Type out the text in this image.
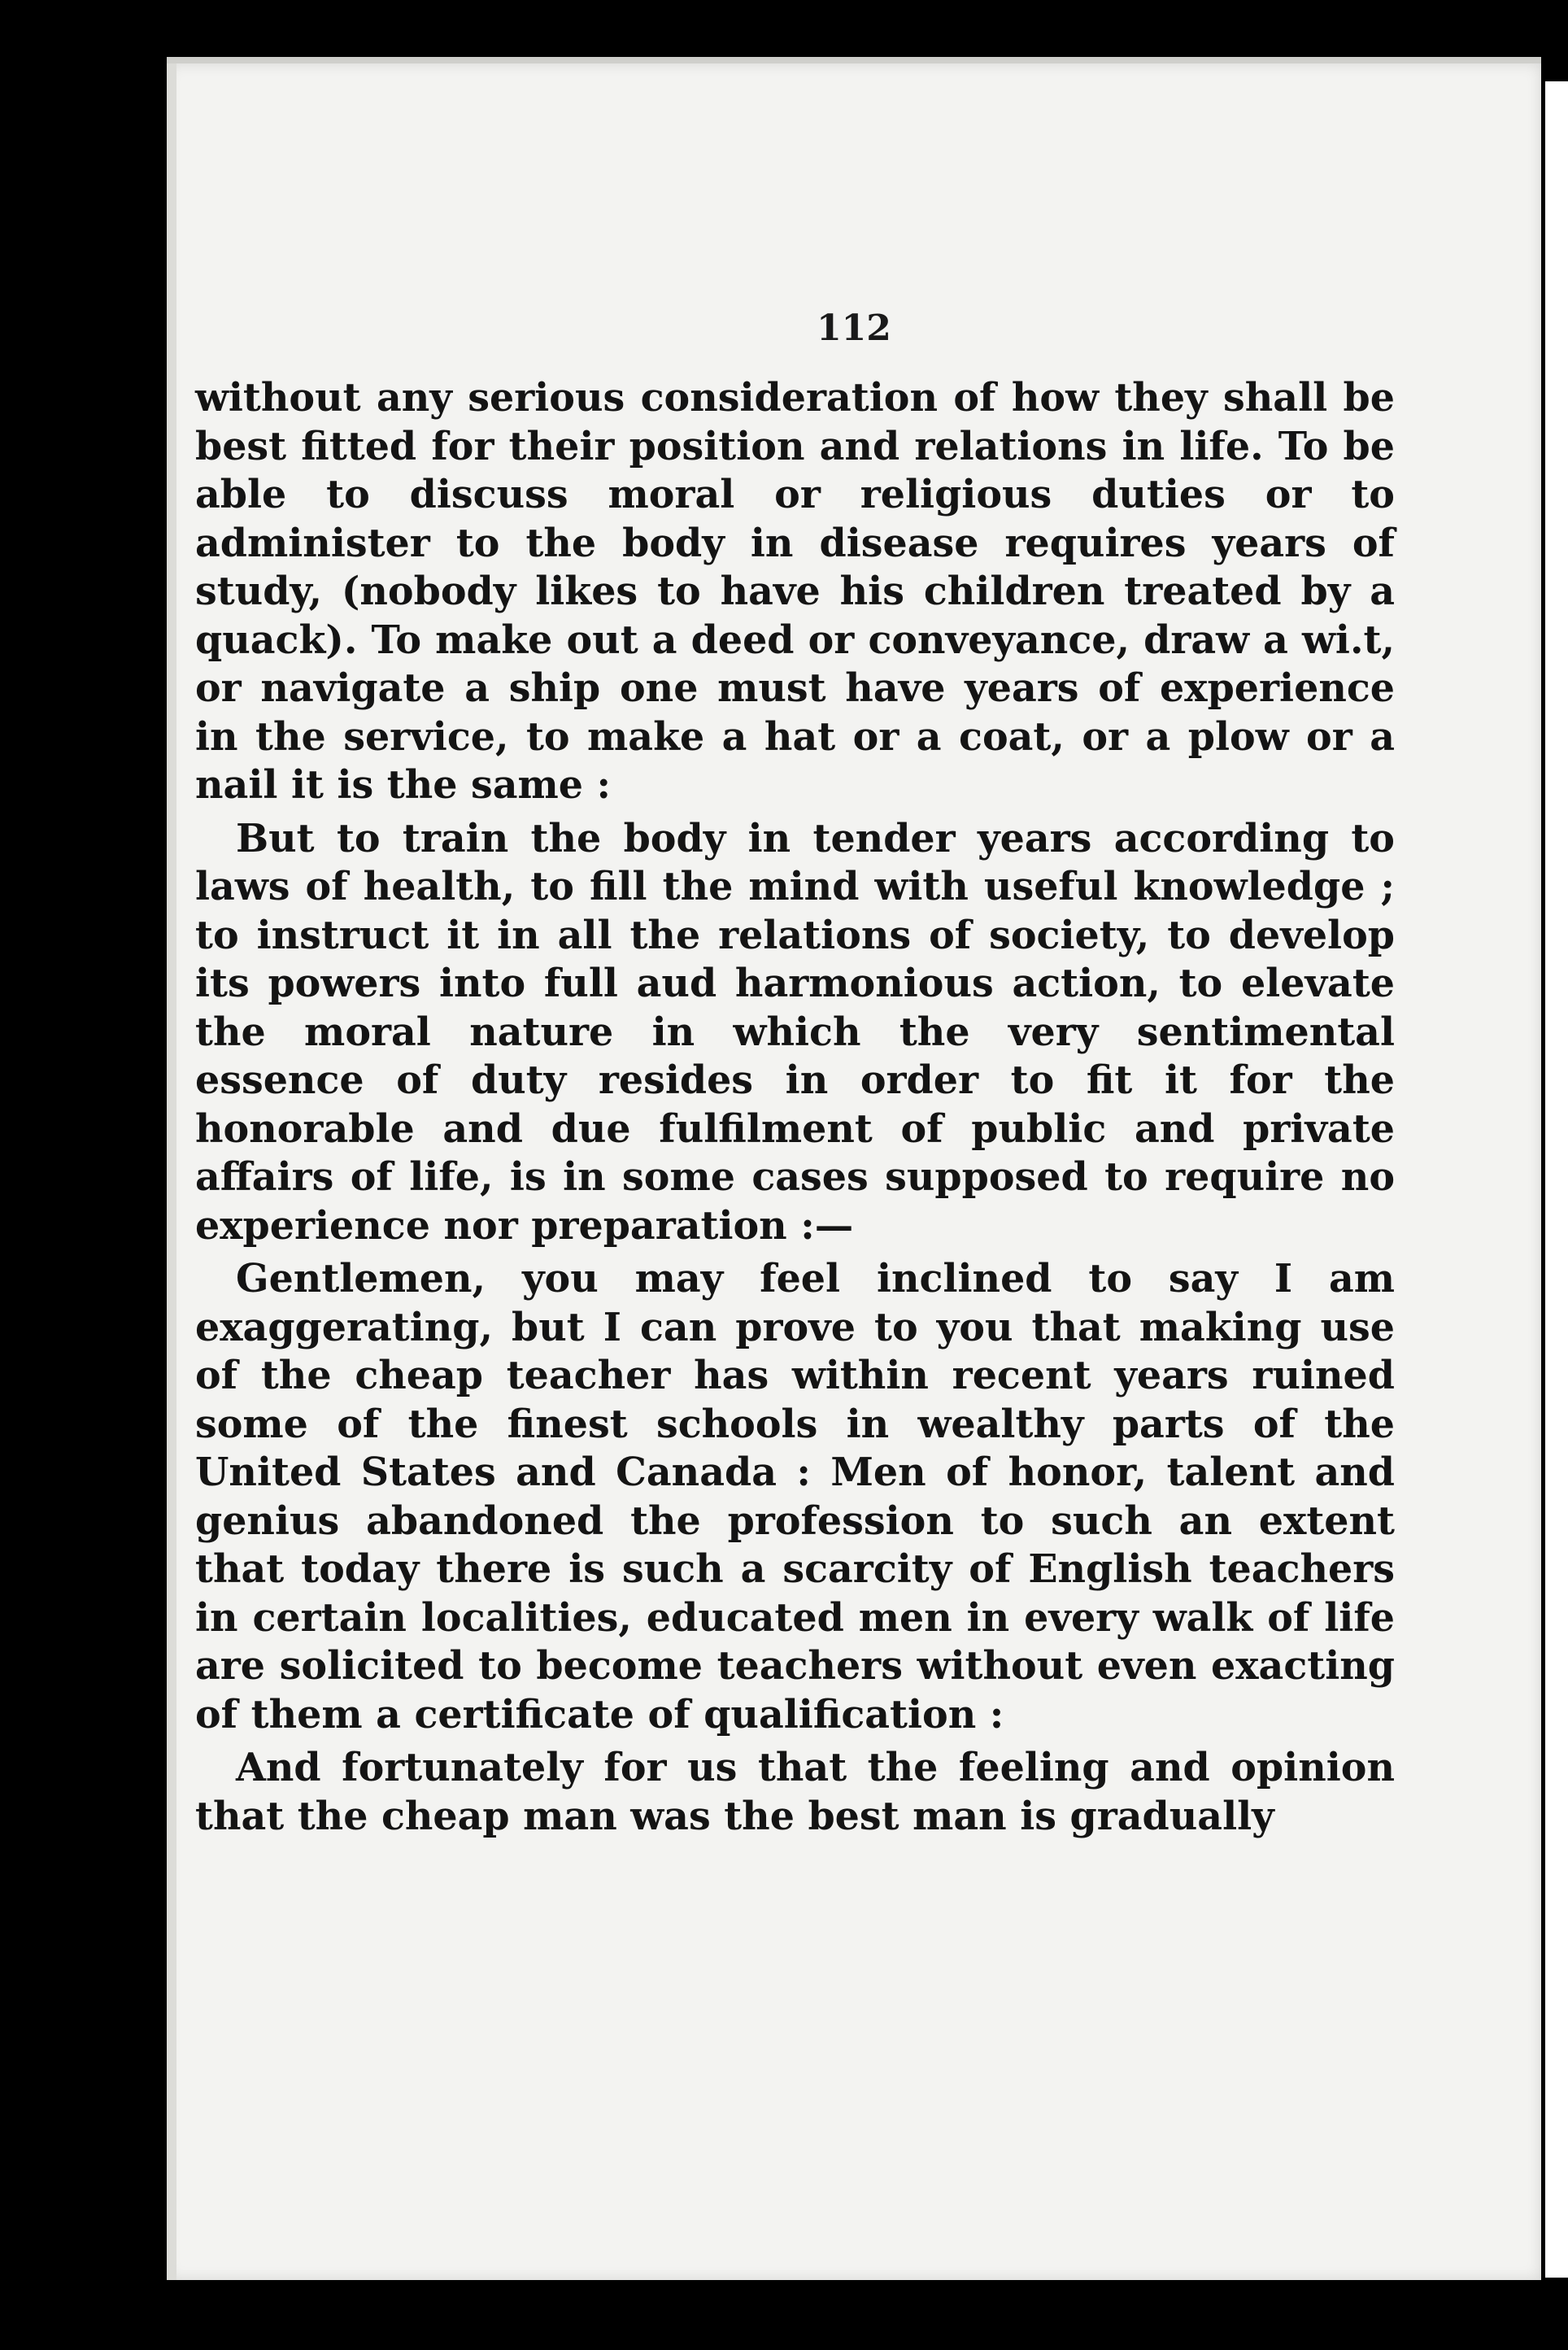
112

without any serious consideration of how they shall be best fitted for their position and relations in life. To be able to discuss moral or religious duties or to administer to the body in disease requires years of study, (nobody likes to have his children treated by a quack). To make out a deed or conveyance, draw a wi.t, or navigate a ship one must have years of experience in the service, to make a hat or a coat, or a plow or a nail it is the same :

But to train the body in tender years according to laws of health, to fill the mind with useful knowledge ; to instruct it in all the relations of society, to develop its powers into full aud harmonious action, to elevate the moral nature in which the very sentimental essence of duty resides in order to fit it for the honorable and due fulfilment of public and private affairs of life, is in some cases supposed to require no experience nor preparation :—

Gentlemen, you may feel inclined to say I am exaggerating, but I can prove to you that making use of the cheap teacher has within recent years ruined some of the finest schools in wealthy parts of the United States and Canada : Men of honor, talent and genius abandoned the profession to such an extent that today there is such a scarcity of English teachers in certain localities, educated men in every walk of life are solicited to become teachers without even exacting of them a certificate of qualification :

And fortunately for us that the feeling and opinion that the cheap man was the best man is gradually
